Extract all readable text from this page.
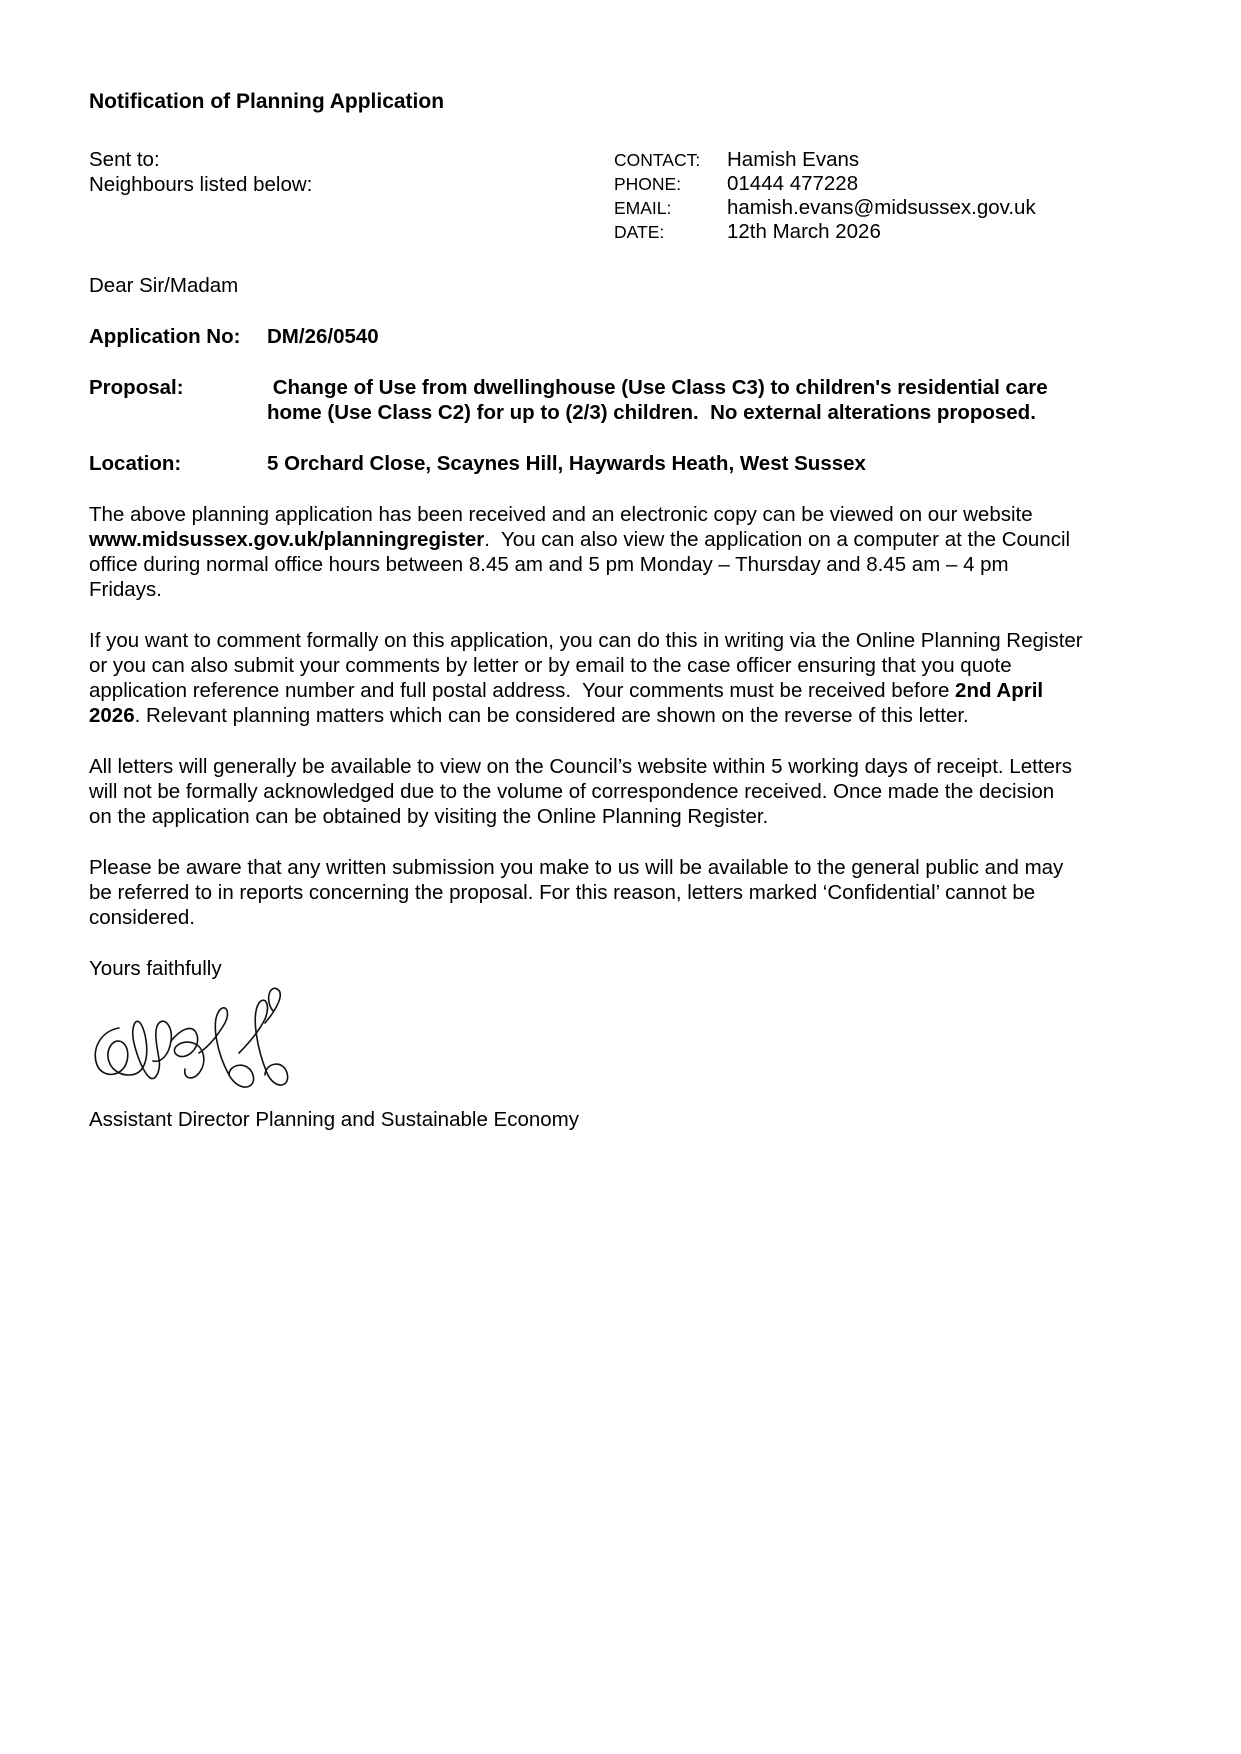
Notification of Planning Application
Sent to:
Neighbours listed below:
CONTACT: Hamish Evans
PHONE: 01444 477228
EMAIL:	hamish.evans@midsussex.gov.uk
DATE:	12th March 2026
Dear Sir/Madam
Application No: DM/26/0540
Proposal:	Change of Use from dwellinghouse (Use Class C3) to children's residential care
home (Use Class C2) for up to (2/3) children.  No external alterations proposed.
Location:	5 Orchard Close, Scaynes Hill, Haywards Heath, West Sussex
The above planning application has been received and an electronic copy can be viewed on our website
www.midsussex.gov.uk/planningregister.  You can also view the application on a computer at the Council
office during normal office hours between 8.45 am and 5 pm Monday – Thursday and 8.45 am – 4 pm
Fridays.
If you want to comment formally on this application, you can do this in writing via the Online Planning Register
or you can also submit your comments by letter or by email to the case officer ensuring that you quote
application reference number and full postal address.  Your comments must be received before 2nd April
2026. Relevant planning matters which can be considered are shown on the reverse of this letter.
All letters will generally be available to view on the Council’s website within 5 working days of receipt. Letters
will not be formally acknowledged due to the volume of correspondence received. Once made the decision
on the application can be obtained by visiting the Online Planning Register.
Please be aware that any written submission you make to us will be available to the general public and may
be referred to in reports concerning the proposal. For this reason, letters marked ‘Confidential’ cannot be
considered.
Yours faithfully
Assistant Director Planning and Sustainable Economy
